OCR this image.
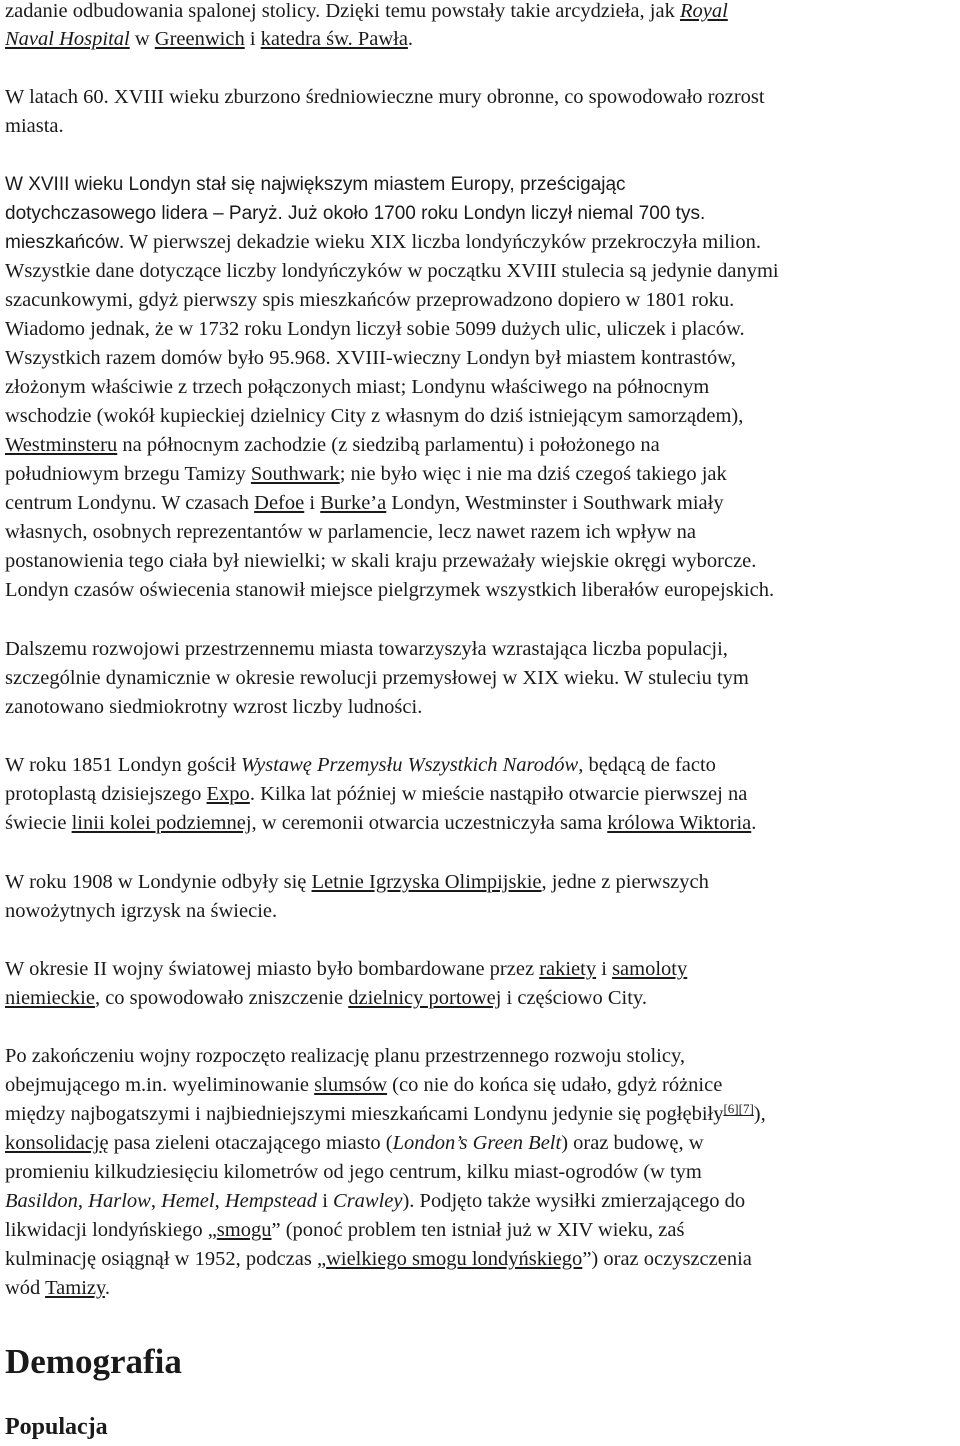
zadanie odbudowania spalonej stolicy. Dzięki temu powstały takie arcydzieła, jak Royal
Naval Hospital w Greenwich i katedra św. Pawła.
W latach 60. XVIII wieku zburzono średniowieczne mury obronne, co spowodowało rozrost
miasta.
W XVIII wieku Londyn stał się największym miastem Europy, prześcigając
dotychczasowego lidera – Paryż. Już około 1700 roku Londyn liczył niemal 700 tys.
mieszkańców. W pierwszej dekadzie wieku XIX liczba londyńczyków przekroczyła milion.
Wszystkie dane dotyczące liczby londyńczyków w początku XVIII stulecia są jedynie danymi
szacunkowymi, gdyż pierwszy spis mieszkańców przeprowadzono dopiero w 1801 roku.
Wiadomo jednak, że w 1732 roku Londyn liczył sobie 5099 dużych ulic, uliczek i placów.
Wszystkich razem domów było 95.968. XVIII-wieczny Londyn był miastem kontrastów,
złożonym właściwie z trzech połączonych miast; Londynu właściwego na północnym
wschodzie (wokół kupieckiej dzielnicy City z własnym do dziś istniejącym samorządem),
Westminsteru na północnym zachodzie (z siedzibą parlamentu) i położonego na
południowym brzegu Tamizy Southwark; nie było więc i nie ma dziś czegoś takiego jak
centrum Londynu. W czasach Defoe i Burke’a Londyn, Westminster i Southwark miały
własnych, osobnych reprezentantów w parlamencie, lecz nawet razem ich wpływ na
postanowienia tego ciała był niewielki; w skali kraju przeważały wiejskie okręgi wyborcze.
Londyn czasów oświecenia stanowił miejsce pielgrzymek wszystkich liberałów europejskich.
Dalszemu rozwojowi przestrzennemu miasta towarzyszyła wzrastająca liczba populacji,
szczególnie dynamicznie w okresie rewolucji przemysłowej w XIX wieku. W stuleciu tym
zanotowano siedmiokrotny wzrost liczby ludności.
W roku 1851 Londyn gościł Wystawę Przemysłu Wszystkich Narodów, będącą de facto
protoplastą dzisiejszego Expo. Kilka lat później w mieście nastąpiło otwarcie pierwszej na
świecie linii kolei podziemnej, w ceremonii otwarcia uczestniczyła sama królowa Wiktoria.
W roku 1908 w Londynie odbyły się Letnie Igrzyska Olimpijskie, jedne z pierwszych
nowożytnych igrzysk na świecie.
W okresie II wojny światowej miasto było bombardowane przez rakiety i samoloty
niemieckie, co spowodowało zniszczenie dzielnicy portowej i częściowo City.
Po zakończeniu wojny rozpoczęto realizację planu przestrzennego rozwoju stolicy,
obejmującego m.in. wyeliminowanie slumsów (co nie do końca się udało, gdyż różnice
między najbogatszymi i najbiedniejszymi mieszkańcami Londynu jedynie się pogłębiły[6][7]),
konsolidację pasa zieleni otaczającego miasto (London’s Green Belt) oraz budowę, w
promieniu kilkudziesięciu kilometrów od jego centrum, kilku miast-ogrodów (w tym
Basildon, Harlow, Hemel, Hempstead i Crawley). Podjęto także wysiłki zmierzającego do
likwidacji londyńskiego „smogu” (ponoć problem ten istniał już w XIV wieku, zaś
kulminację osiągnął w 1952, podczas „wielkiego smogu londyńskiego”) oraz oczyszczenia
wód Tamizy.
Demografia
Populacja
